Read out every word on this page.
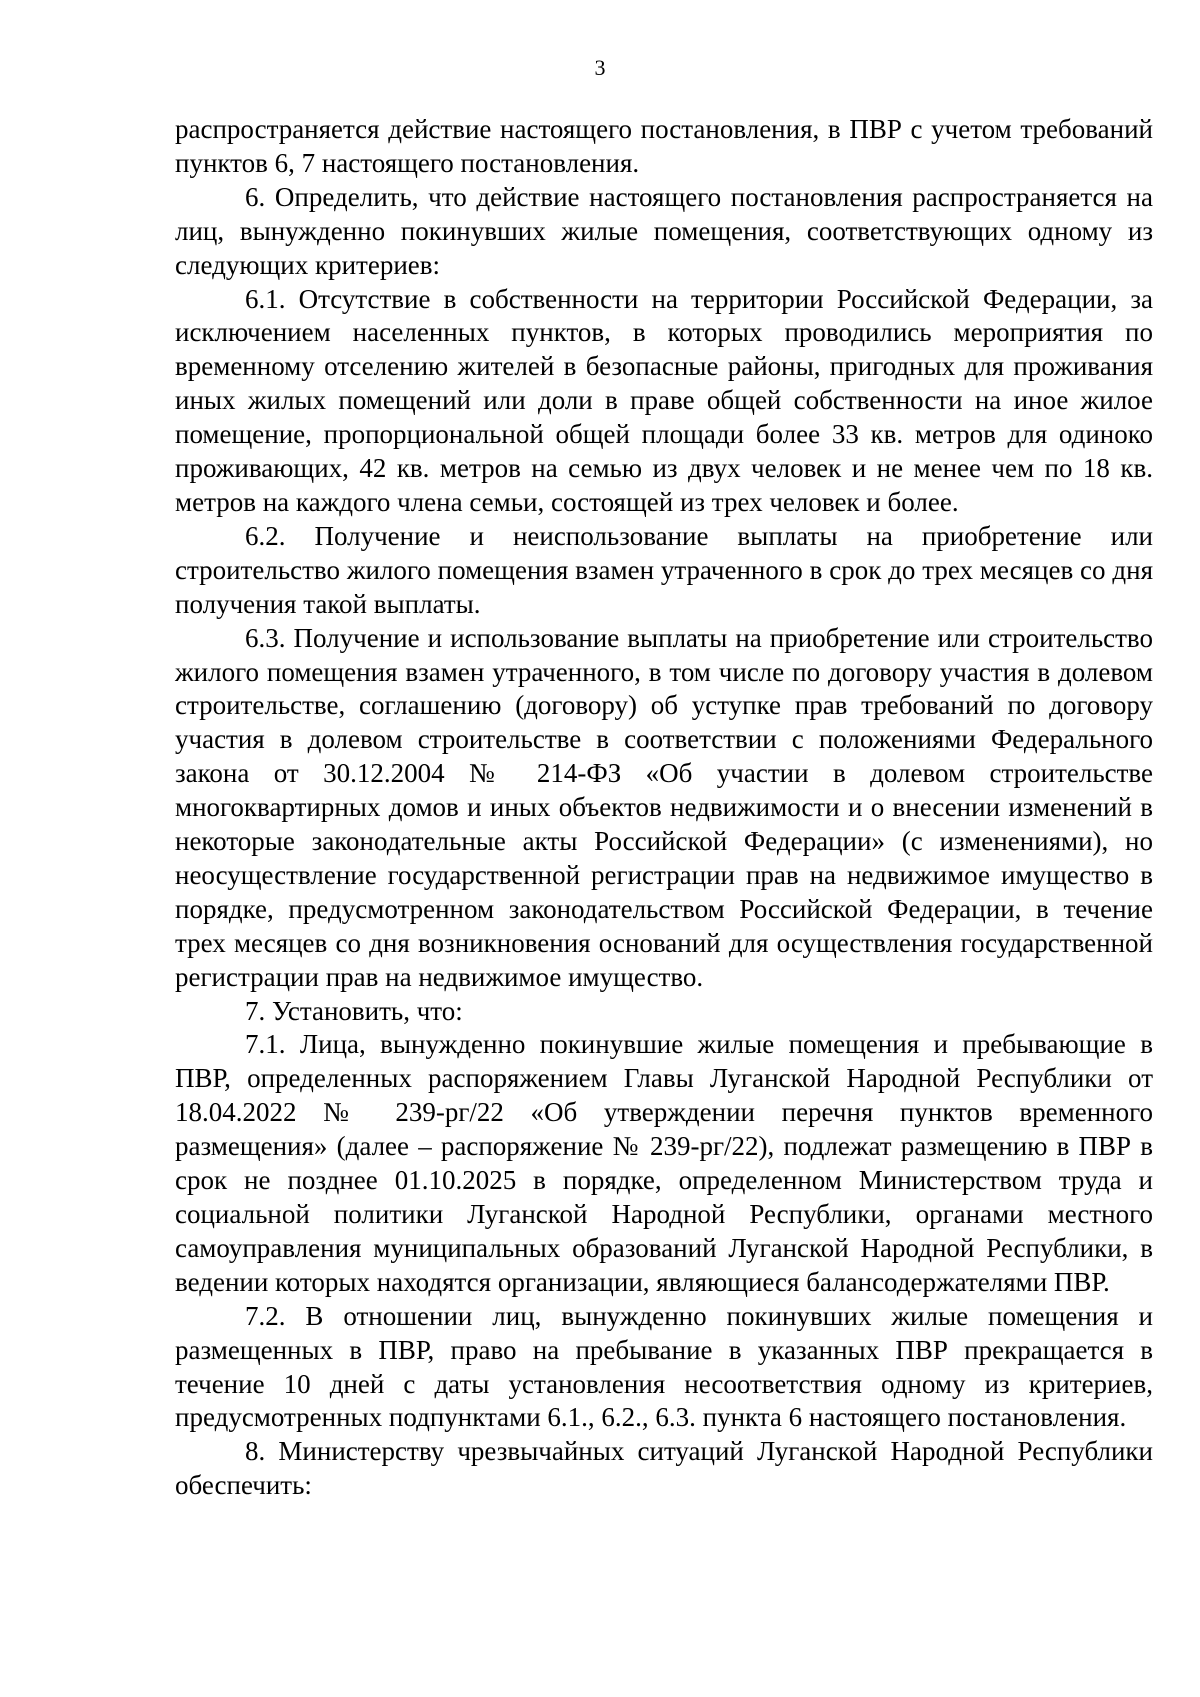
3

распространяется действие настоящего постановления, в ПВР с учетом требований пунктов 6, 7 настоящего постановления.

6. Определить, что действие настоящего постановления распространяется на лиц, вынужденно покинувших жилые помещения, соответствующих одному из следующих критериев:

6.1. Отсутствие в собственности на территории Российской Федерации, за исключением населенных пунктов, в которых проводились мероприятия по временному отселению жителей в безопасные районы, пригодных для проживания иных жилых помещений или доли в праве общей собственности на иное жилое помещение, пропорциональной общей площади более 33 кв. метров для одиноко проживающих, 42 кв. метров на семью из двух человек и не менее чем по 18 кв. метров на каждого члена семьи, состоящей из трех человек и более.

6.2. Получение и неиспользование выплаты на приобретение или строительство жилого помещения взамен утраченного в срок до трех месяцев со дня получения такой выплаты.

6.3. Получение и использование выплаты на приобретение или строительство жилого помещения взамен утраченного, в том числе по договору участия в долевом строительстве, соглашению (договору) об уступке прав требований по договору участия в долевом строительстве в соответствии с положениями Федерального закона от 30.12.2004 № 214-ФЗ «Об участии в долевом строительстве многоквартирных домов и иных объектов недвижимости и о внесении изменений в некоторые законодательные акты Российской Федерации» (с изменениями), но неосуществление государственной регистрации прав на недвижимое имущество в порядке, предусмотренном законодательством Российской Федерации, в течение трех месяцев со дня возникновения оснований для осуществления государственной регистрации прав на недвижимое имущество.

7. Установить, что:

7.1. Лица, вынужденно покинувшие жилые помещения и пребывающие в ПВР, определенных распоряжением Главы Луганской Народной Республики от 18.04.2022 № 239-рг/22 «Об утверждении перечня пунктов временного размещения» (далее – распоряжение № 239-рг/22), подлежат размещению в ПВР в срок не позднее 01.10.2025 в порядке, определенном Министерством труда и социальной политики Луганской Народной Республики, органами местного самоуправления муниципальных образований Луганской Народной Республики, в ведении которых находятся организации, являющиеся балансодержателями ПВР.

7.2. В отношении лиц, вынужденно покинувших жилые помещения и размещенных в ПВР, право на пребывание в указанных ПВР прекращается в течение 10 дней с даты установления несоответствия одному из критериев, предусмотренных подпунктами 6.1., 6.2., 6.3. пункта 6 настоящего постановления.

8. Министерству чрезвычайных ситуаций Луганской Народной Республики обеспечить:
